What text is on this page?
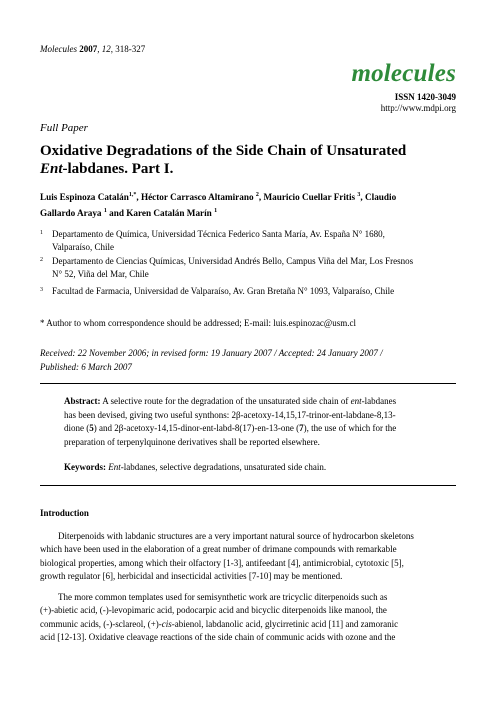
Molecules 2007, 12, 318-327
molecules
ISSN 1420-3049
http://www.mdpi.org
Full Paper
Oxidative Degradations of the Side Chain of Unsaturated
Ent-labdanes. Part I.
Luis Espinoza Catalán$^{1,*}$, Héctor Carrasco Altamirano $^2$, Mauricio Cuellar Fritis $^3$, Claudio
Gallardo Araya $^1$ and Karen Catalán Marín $^1$
1	Departamento de Química, Universidad Técnica Federico Santa María, Av. España N° 1680,
Valparaíso, Chile
2	Departamento de Ciencias Químicas, Universidad Andrés Bello, Campus Viña del Mar, Los Fresnos
N° 52, Viña del Mar, Chile
3	Facultad de Farmacia, Universidad de Valparaíso, Av. Gran Bretaña N° 1093, Valparaíso, Chile
* Author to whom correspondence should be addressed; E-mail: luis.espinozac@usm.cl
Received: 22 November 2006; in revised form: 19 January 2007 / Accepted: 24 January 2007 /
Published: 6 March 2007
Abstract: A selective route for the degradation of the unsaturated side chain of ent-labdanes
has been devised, giving two useful synthons: 2β-acetoxy-14,15,17-trinor-ent-labdane-8,13-
dione (5) and 2β-acetoxy-14,15-dinor-ent-labd-8(17)-en-13-one (7), the use of which for the
preparation of terpenylquinone derivatives shall be reported elsewhere.
Keywords: Ent-labdanes, selective degradations, unsaturated side chain.
Introduction
Diterpenoids with labdanic structures are a very important natural source of hydrocarbon skeletons
which have been used in the elaboration of a great number of drimane compounds with remarkable
biological properties, among which their olfactory [1-3], antifeedant [4], antimicrobial, cytotoxic [5],
growth regulator [6], herbicidal and insecticidal activities [7-10] may be mentioned.
The more common templates used for semisynthetic work are tricyclic diterpenoids such as
(+)-abietic acid, (-)-levopimaric acid, podocarpic acid and bicyclic diterpenoids like manool, the
communic acids, (-)-sclareol, (+)-cis-abienol, labdanolic acid, glycirretinic acid [11] and zamoranic
acid [12-13]. Oxidative cleavage reactions of the side chain of communic acids with ozone and the
